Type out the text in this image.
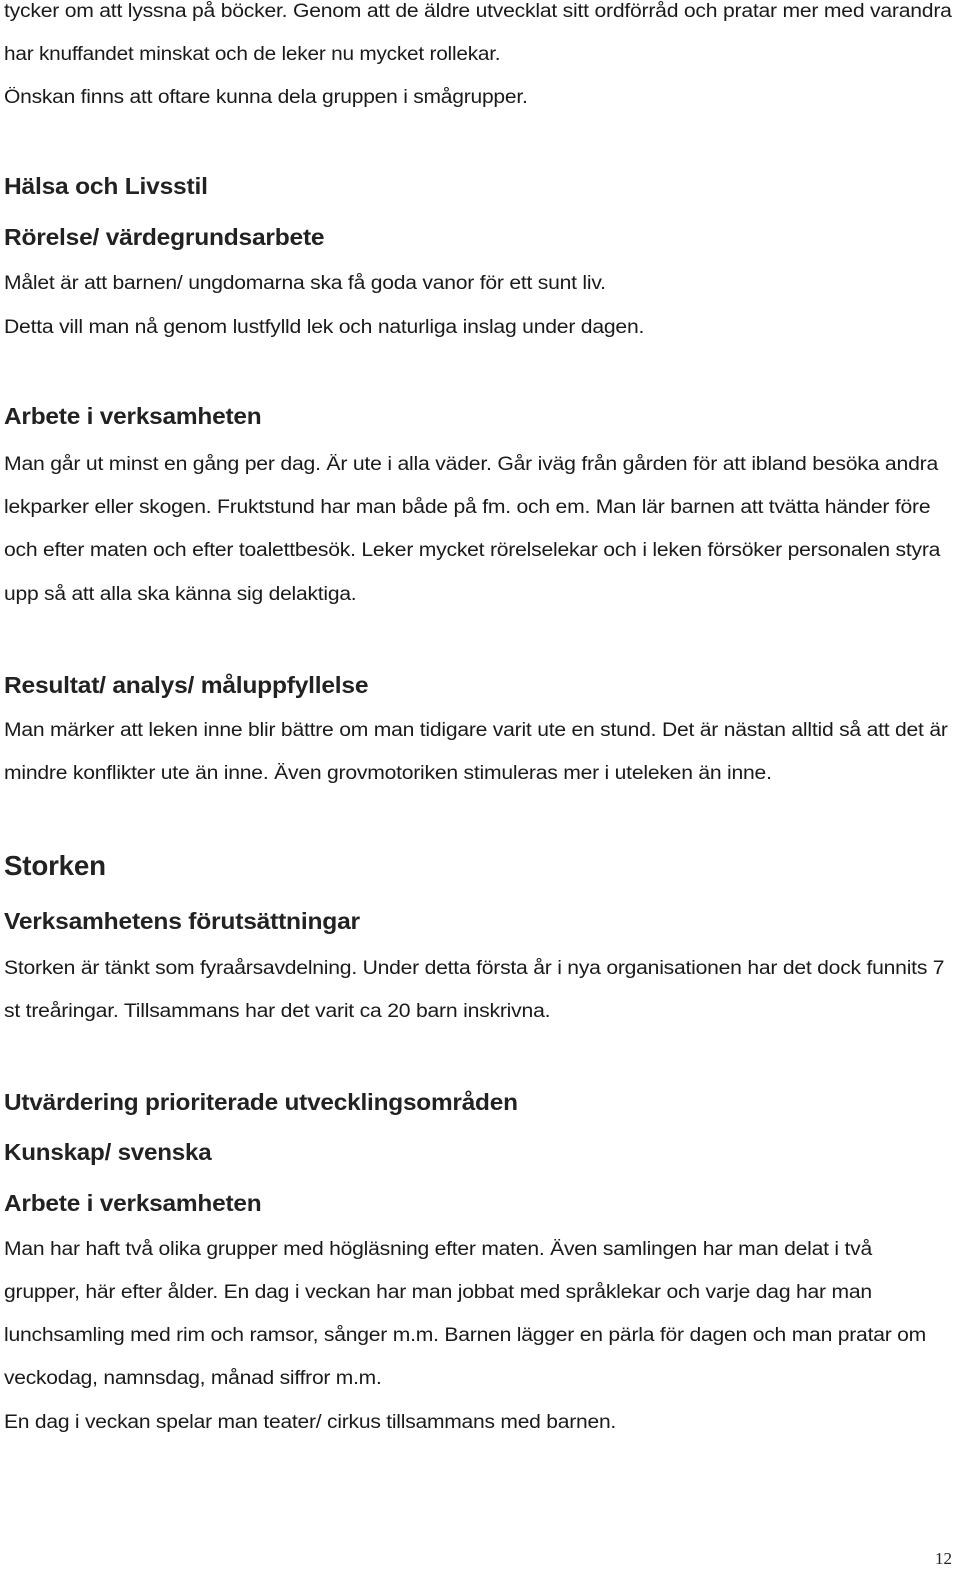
tycker om att lyssna på böcker. Genom att de äldre utvecklat sitt ordförråd och pratar mer med varandra
har knuffandet minskat och de leker nu mycket rollekar.
Önskan finns att oftare kunna dela gruppen i smågrupper.
Hälsa och Livsstil
Rörelse/ värdegrundsarbete
Målet är att barnen/ ungdomarna ska få goda vanor för ett sunt liv.
Detta vill man nå genom lustfylld lek och naturliga inslag under dagen.
Arbete i verksamheten
Man går ut minst en gång per dag. Är ute i alla väder. Går iväg från gården för att ibland besöka andra
lekparker eller skogen. Fruktstund har man både på fm. och em. Man lär barnen att tvätta händer före
och efter maten och efter toalettbesök. Leker mycket rörelselekar och i leken försöker personalen styra
upp så att alla ska känna sig delaktiga.
Resultat/ analys/ måluppfyllelse
Man märker att leken inne blir bättre om man tidigare varit ute en stund. Det är nästan alltid så att det är
mindre konflikter ute än inne. Även grovmotoriken stimuleras mer i uteleken än inne.
Storken
Verksamhetens förutsättningar
Storken är tänkt som fyraårsavdelning. Under detta första år i nya organisationen har det dock funnits 7
st treåringar. Tillsammans har det varit ca 20 barn inskrivna.
Utvärdering prioriterade utvecklingsområden
Kunskap/ svenska
Arbete i verksamheten
Man har haft två olika grupper med högläsning efter maten. Även samlingen har man delat i två
grupper, här efter ålder. En dag i veckan har man jobbat med språklekar och varje dag har man
lunchsamling med rim och ramsor, sånger m.m. Barnen lägger en pärla för dagen och man pratar om
veckodag, namnsdag, månad siffror m.m.
En dag i veckan spelar man teater/ cirkus tillsammans med barnen.
12
